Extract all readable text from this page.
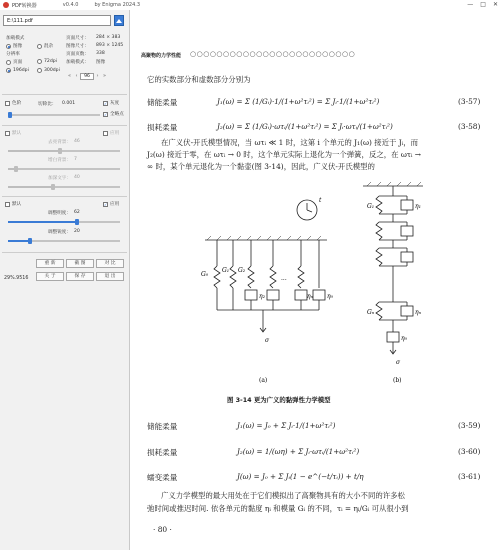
PDF转换器	v0.4.0	by Enigma 2024.3	— □ ✕
E:\111.pdf
加载模式
图像	混杂
分辨率
页面	72dpi
196dpi	300dpi
页面尺寸： 284 × 383
图像尺寸： 893 × 1245
页面页数： 338
加载模式： 图像
« ‹	96	› »
色阶	切除比： 0.001	✓ 灰度
✓ 全略点
默认	应用
去亮背景： 46
增白背景： 7
加深文字： 40
默认	✓ 应用
调整明度： 62
调整锐度： 20
重 新	截 图	对 比
关 于	保 存	退 出
29%.9516
高聚物的力学性能 ○○○○○○○○○○○○○○○○○○○○○○○○○
它的实数部分和虚数部分分别为
储能柔量	J₁(ω) = Σ (1/Gᵢ)·1/(1+ω²τᵢ²) = Σ Jᵢ·1/(1+ω²τᵢ²)	(3-57)
损耗柔量	J₂(ω) = Σ (1/Gᵢ)·ωτᵢ/(1+ω²τᵢ²) = Σ Jᵢ·ωτᵢ/(1+ω²τᵢ²)	(3-58)
在广义伏-开氏模型情况，当 ωτᵢ ≪ 1 时，这第 i 个单元的 J₁(ω) 接近于 Jᵢ，而
J₂(ω) 接近于零，在 ωτᵢ → 0 时，这个单元实际上退化为一个弹簧，反之，在 ωτᵢ →
∞ 时，某个单元退化为一个黏壶(图 3-14)，因此，广义伏-开氏模型的
G₀
G₁ G₂
η₂	ηₙ η₀
···
σ
(a)
t
G₁	η₁
Gₙ	ηₙ
η₀
σ
(b)
图 3-14 更为广义的黏弹性力学模型
储能柔量	J₁(ω) = J₀ + Σ Jᵢ·1/(1+ω²τᵢ²)	(3-59)
损耗柔量	J₂(ω) = 1/(ωη) + Σ Jᵢ·ωτᵢ/(1+ω²τᵢ²)	(3-60)
蠕变柔量	J(ω) = J₀ + Σ Jᵢ(1 − e^(−t/τᵢ)) + t/η	(3-61)
广义力学模型的最大用处在于它们模拟出了高聚物具有的大小不同的许多松
弛时间或推迟时间. 依各单元的黏度 ηᵢ 和模量 Gᵢ 的不同，τᵢ = ηᵢ/Gᵢ 可从很小到
· 80 ·
